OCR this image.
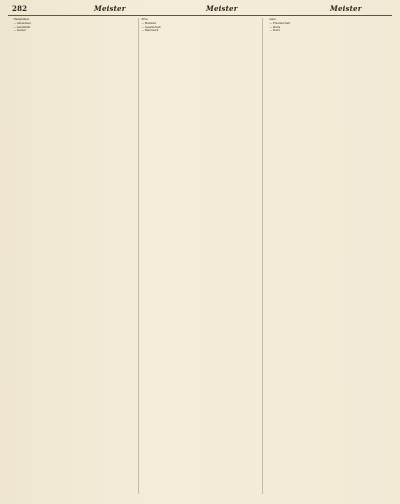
282	Meister	Meister	Meister

Heilighaltes

— Albendlied

— Aufenthalt

— Seiden

Erbe

— Mahlzeit

— Gesellschaft

— Handwerk

kann

— Freundschaft

— Pfeife

— Stuhl
